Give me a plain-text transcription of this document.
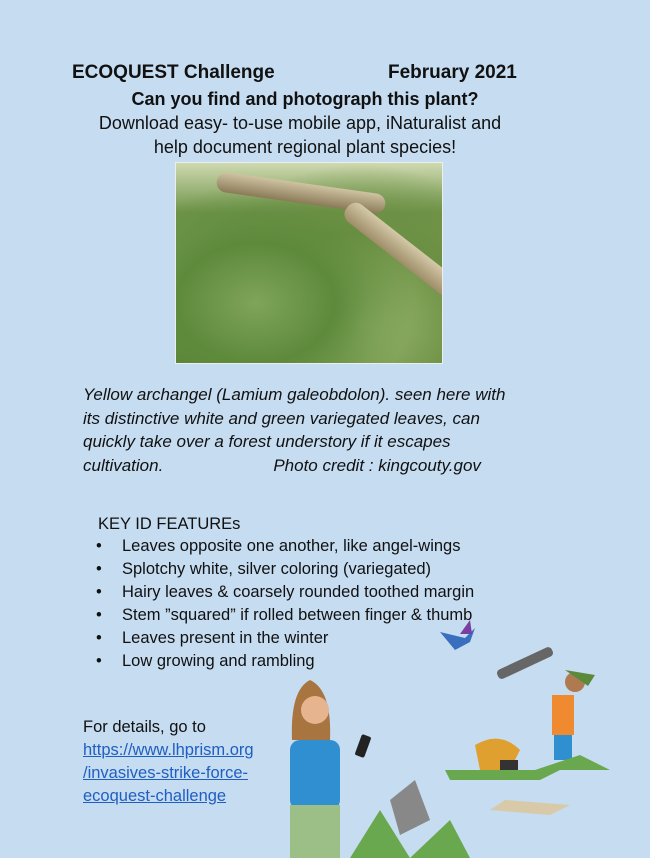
ECOQUEST Challenge	February 2021
Can you find and photograph this plant?
Download easy- to-use mobile app, iNaturalist and
help document regional plant species!
Yellow archangel (Lamium galeobdolon). seen here with
its distinctive white and green variegated leaves, can
quickly take over a forest understory if it escapes
cultivation.	Photo credit : kingcouty.gov
KEY ID FEATUREs
• Leaves opposite one another, like angel-wings
• Splotchy white, silver coloring (variegated)
• Hairy leaves & coarsely rounded toothed margin
• Stem ”squared” if rolled between finger & thumb
• Leaves present in the winter
• Low growing and rambling
For details, go to
https://www.lhprism.org
/invasives-strike-force-
ecoquest-challenge
